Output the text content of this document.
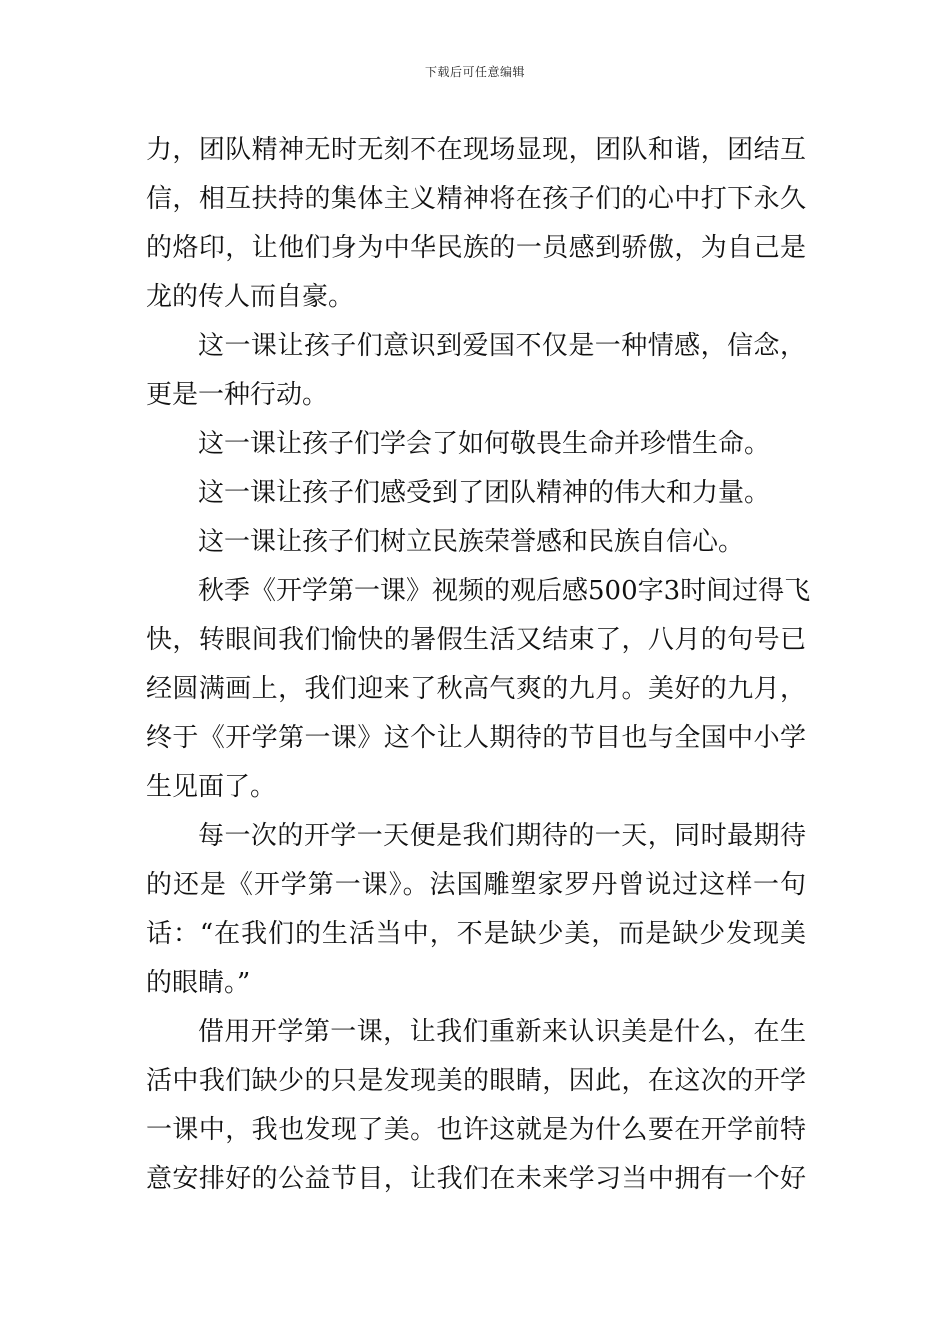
下载后可任意编辑
力，团队精神无时无刻不在现场显现，团队和谐，团结互
信，相互扶持的集体主义精神将在孩子们的心中打下永久
的烙印，让他们身为中华民族的一员感到骄傲，为自己是
龙的传人而自豪。
这一课让孩子们意识到爱国不仅是一种情感，信念，
更是一种行动。
这一课让孩子们学会了如何敬畏生命并珍惜生命。
这一课让孩子们感受到了团队精神的伟大和力量。
这一课让孩子们树立民族荣誉感和民族自信心。
秋季《开学第一课》视频的观后感500字3时间过得飞
快，转眼间我们愉快的暑假生活又结束了，八月的句号已
经圆满画上，我们迎来了秋高气爽的九月。美好的九月，
终于《开学第一课》这个让人期待的节目也与全国中小学
生见面了。
每一次的开学一天便是我们期待的一天，同时最期待
的还是《开学第一课》。法国雕塑家罗丹曾说过这样一句
话：“在我们的生活当中，不是缺少美，而是缺少发现美
的眼睛。”
借用开学第一课，让我们重新来认识美是什么，在生
活中我们缺少的只是发现美的眼睛，因此，在这次的开学
一课中，我也发现了美。也许这就是为什么要在开学前特
意安排好的公益节目，让我们在未来学习当中拥有一个好
